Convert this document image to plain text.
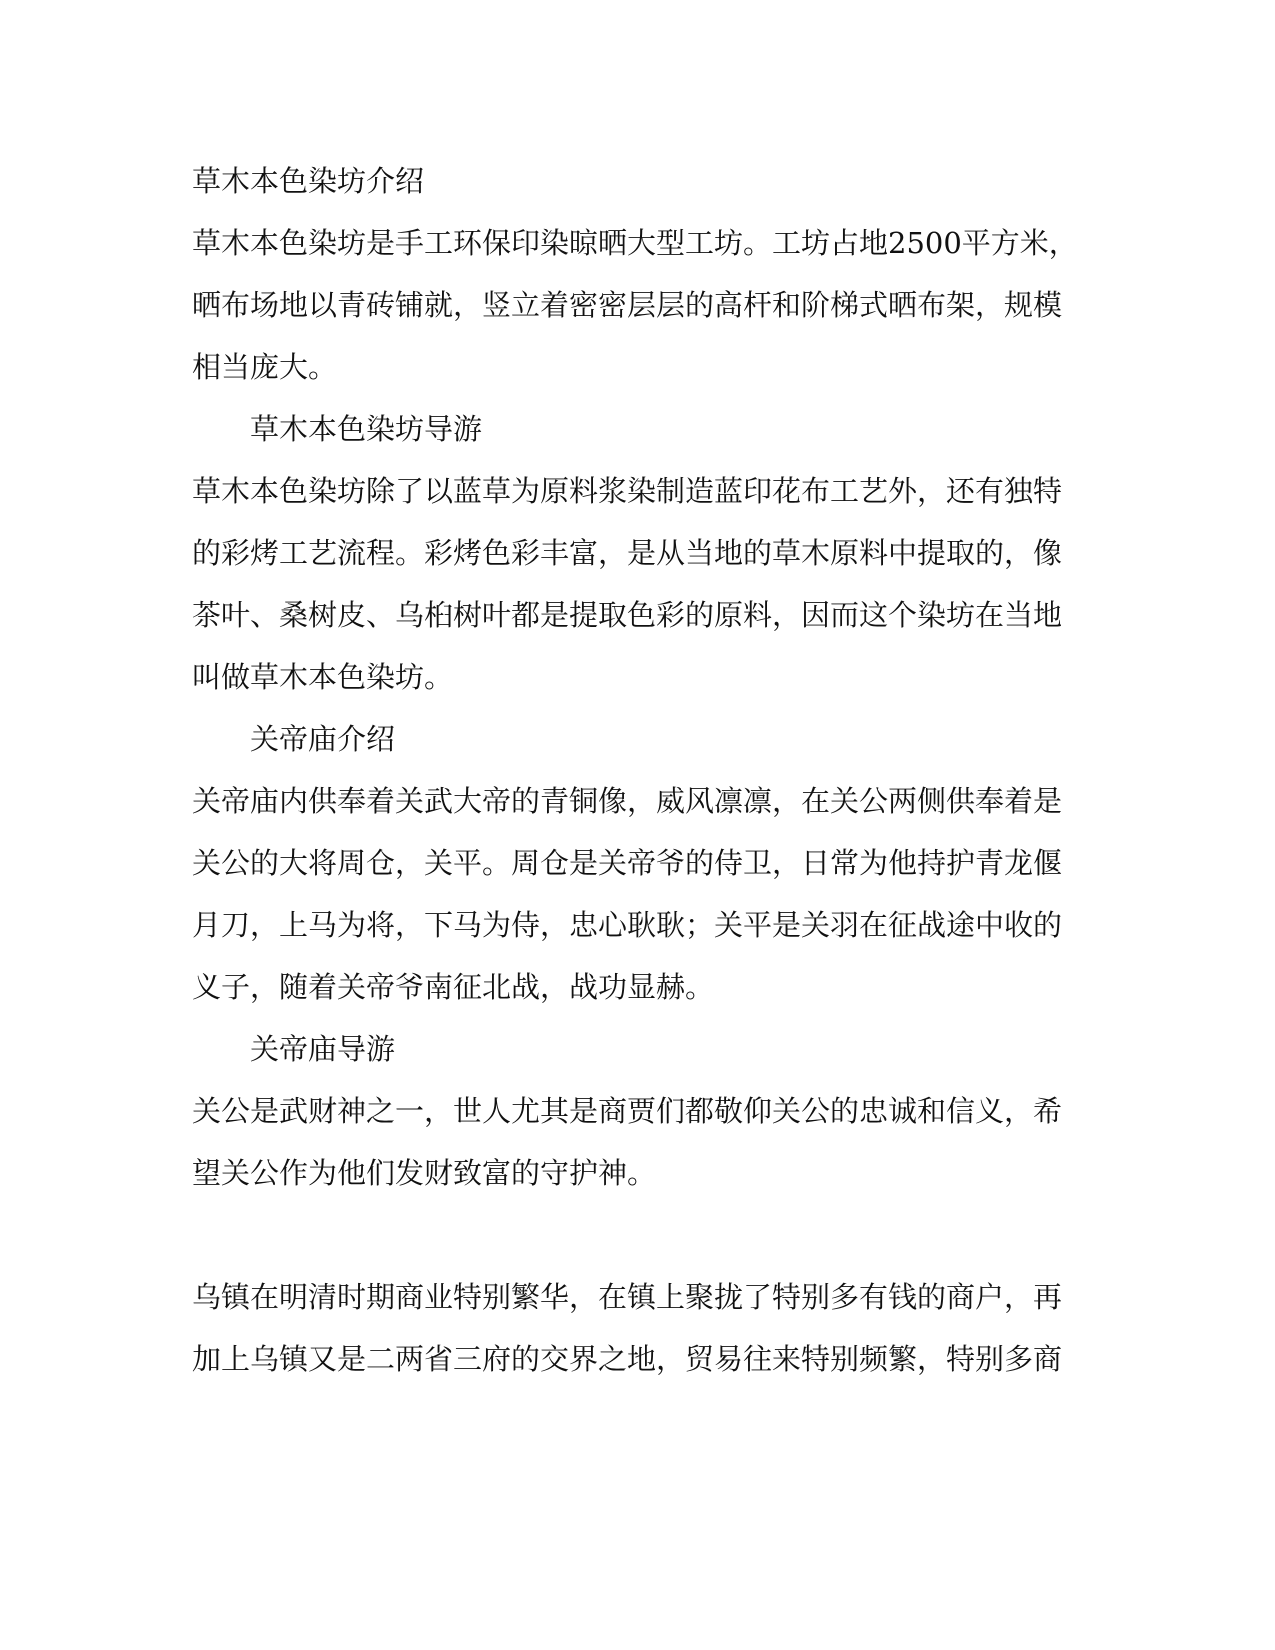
草木本色染坊介绍
草木本色染坊是手工环保印染晾晒大型工坊。工坊占地2500平方米，
晒布场地以青砖铺就，竖立着密密层层的高杆和阶梯式晒布架，规模
相当庞大。
草木本色染坊导游
草木本色染坊除了以蓝草为原料浆染制造蓝印花布工艺外，还有独特
的彩烤工艺流程。彩烤色彩丰富，是从当地的草木原料中提取的，像
茶叶、桑树皮、乌桕树叶都是提取色彩的原料，因而这个染坊在当地
叫做草木本色染坊。
关帝庙介绍
关帝庙内供奉着关武大帝的青铜像，威风凛凛，在关公两侧供奉着是
关公的大将周仓，关平。周仓是关帝爷的侍卫，日常为他持护青龙偃
月刀，上马为将，下马为侍，忠心耿耿；关平是关羽在征战途中收的
义子，随着关帝爷南征北战，战功显赫。
关帝庙导游
关公是武财神之一，世人尤其是商贾们都敬仰关公的忠诚和信义，希
望关公作为他们发财致富的守护神。
乌镇在明清时期商业特别繁华，在镇上聚拢了特别多有钱的商户，再
加上乌镇又是二两省三府的交界之地，贸易往来特别频繁，特别多商
